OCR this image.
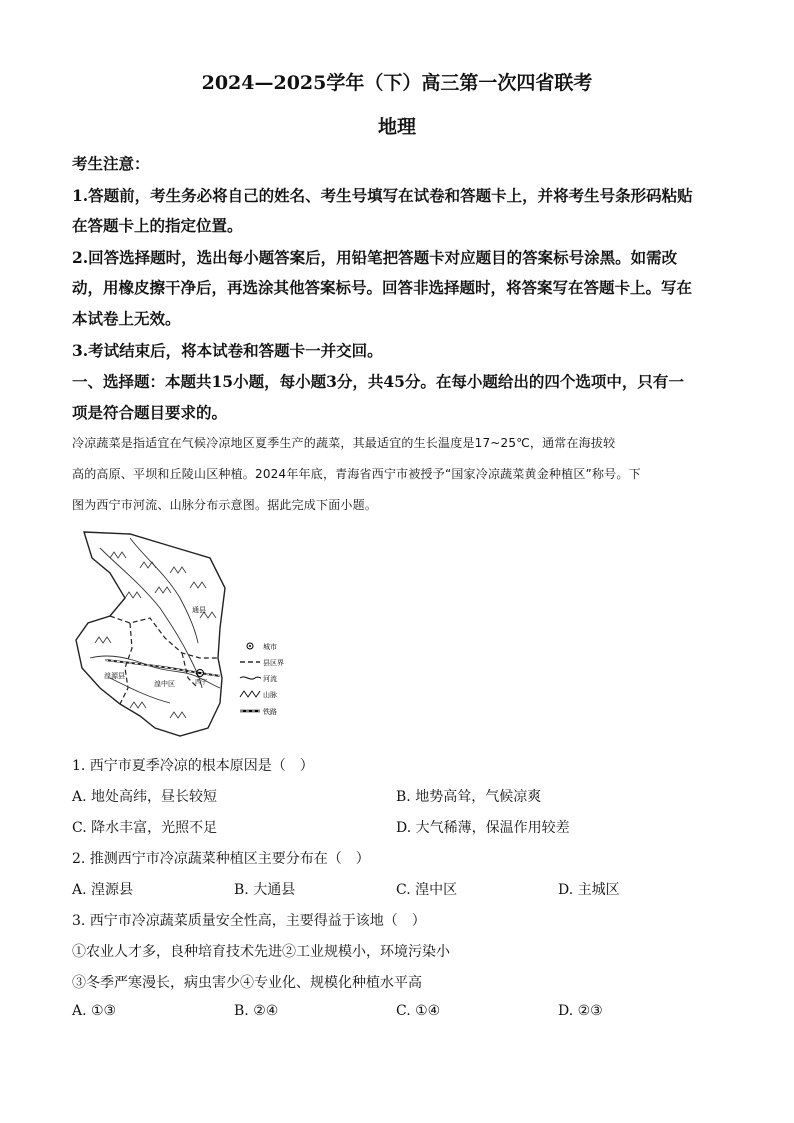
2024—2025学年（下）高三第一次四省联考
地理
考生注意：
1.答题前，考生务必将自己的姓名、考生号填写在试卷和答题卡上，并将考生号条形码粘贴
在答题卡上的指定位置。
2.回答选择题时，选出每小题答案后，用铅笔把答题卡对应题目的答案标号涂黑。如需改
动，用橡皮擦干净后，再选涂其他答案标号。回答非选择题时，将答案写在答题卡上。写在
本试卷上无效。
3.考试结束后，将本试卷和答题卡一并交回。
一、选择题：本题共15小题，每小题3分，共45分。在每小题给出的四个选项中，只有一
项是符合题目要求的。
冷凉蔬菜是指适宜在气候冷凉地区夏季生产的蔬菜，其最适宜的生长温度是17~25℃，通常在海拔较
高的高原、平坝和丘陵山区种植。2024年年底，青海省西宁市被授予“国家冷凉蔬菜黄金种植区”称号。下
图为西宁市河流、山脉分布示意图。据此完成下面小题。
通县
湟源县
湟中区	西宁
城市
县区界
河流
山脉
铁路
1. 西宁市夏季冷凉的根本原因是（　）
A. 地处高纬，昼长较短	B. 地势高耸，气候凉爽
C. 降水丰富，光照不足	D. 大气稀薄，保温作用较差
2. 推测西宁市冷凉蔬菜种植区主要分布在（　）
A. 湟源县	B. 大通县	C. 湟中区	D. 主城区
3. 西宁市冷凉蔬菜质量安全性高，主要得益于该地（　）
①农业人才多，良种培育技术先进②工业规模小，环境污染小
③冬季严寒漫长，病虫害少④专业化、规模化种植水平高
A. ①③	B. ②④	C. ①④	D. ②③
